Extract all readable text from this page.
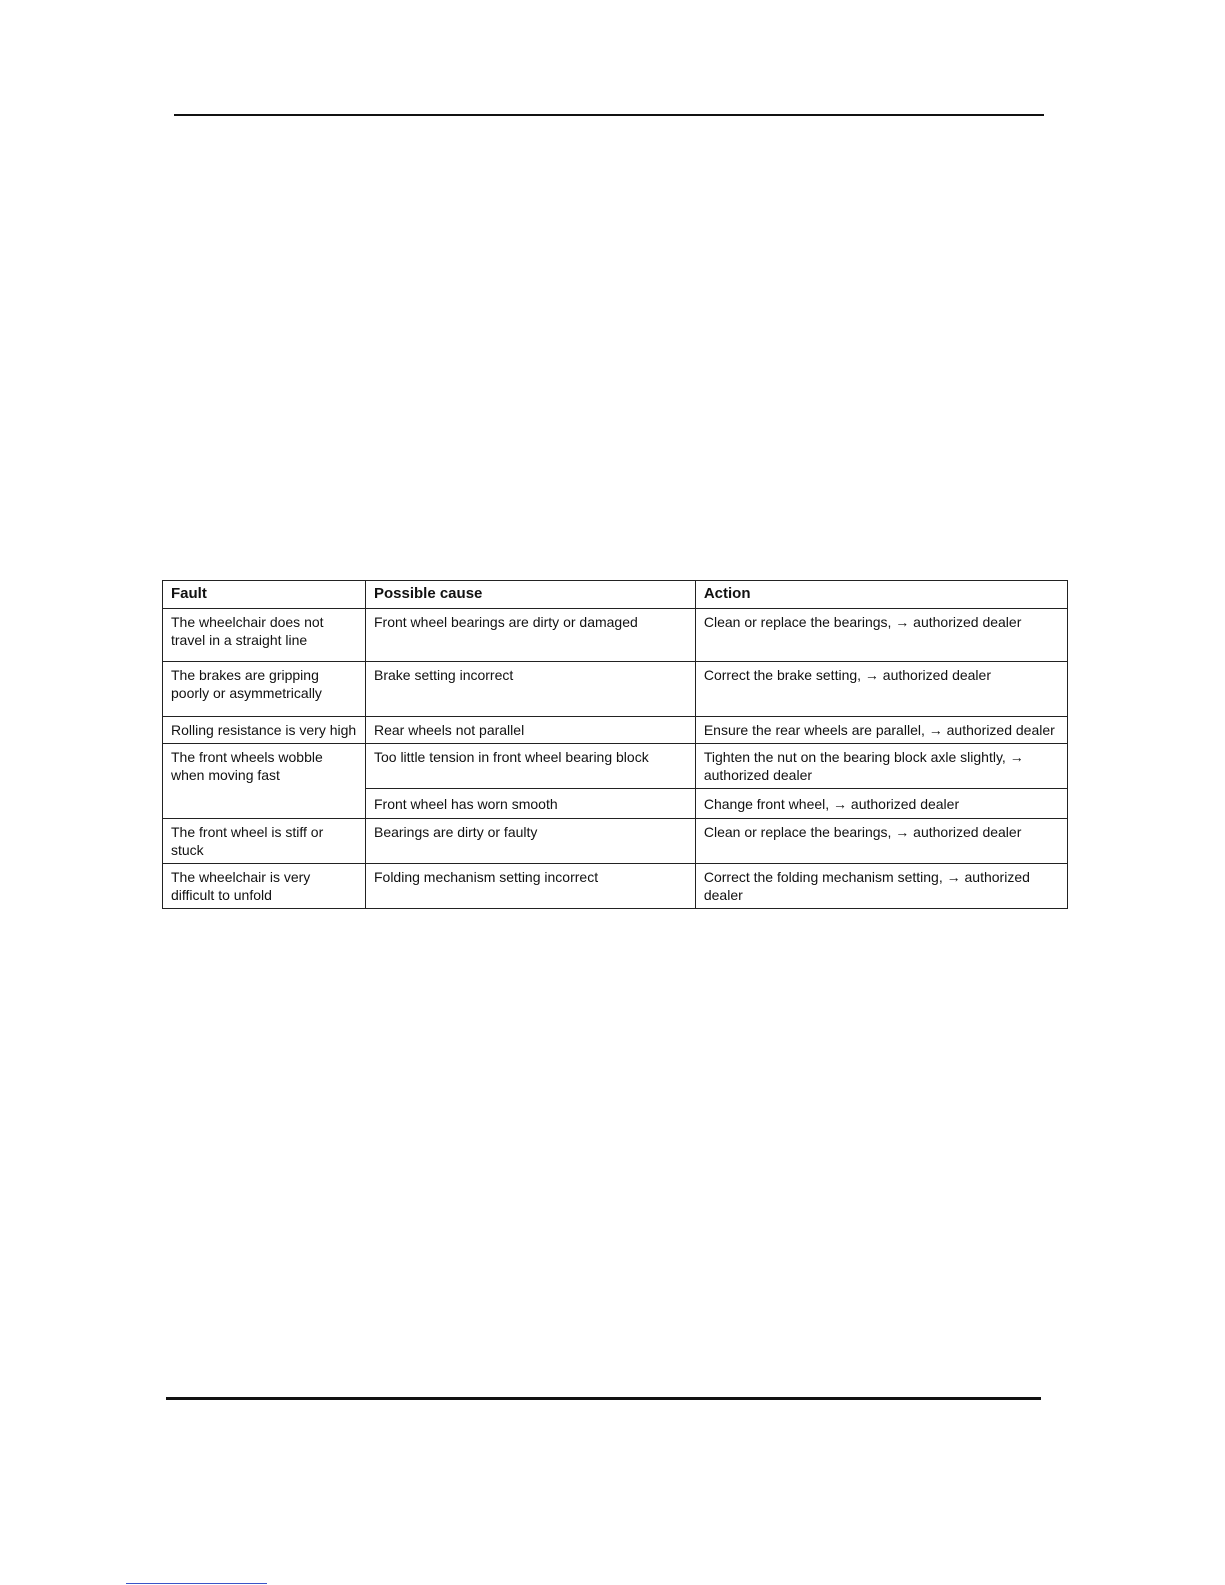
Fault	Possible cause	Action
The wheelchair does not travel in a straight line	Front wheel bearings are dirty or damaged	Clean or replace the bearings, → authorized dealer
The brakes are gripping poorly or asymmetrically	Brake setting incorrect	Correct the brake setting, → authorized dealer
Rolling resistance is very high	Rear wheels not parallel	Ensure the rear wheels are parallel, → authorized dealer
The front wheels wobble when moving fast	Too little tension in front wheel bearing block	Tighten the nut on the bearing block axle slightly, → authorized dealer
	Front wheel has worn smooth	Change front wheel, → authorized dealer
The front wheel is stiff or stuck	Bearings are dirty or faulty	Clean or replace the bearings, → authorized dealer
The wheelchair is very difficult to unfold	Folding mechanism setting incorrect	Correct the folding mechanism setting, → authorized dealer
